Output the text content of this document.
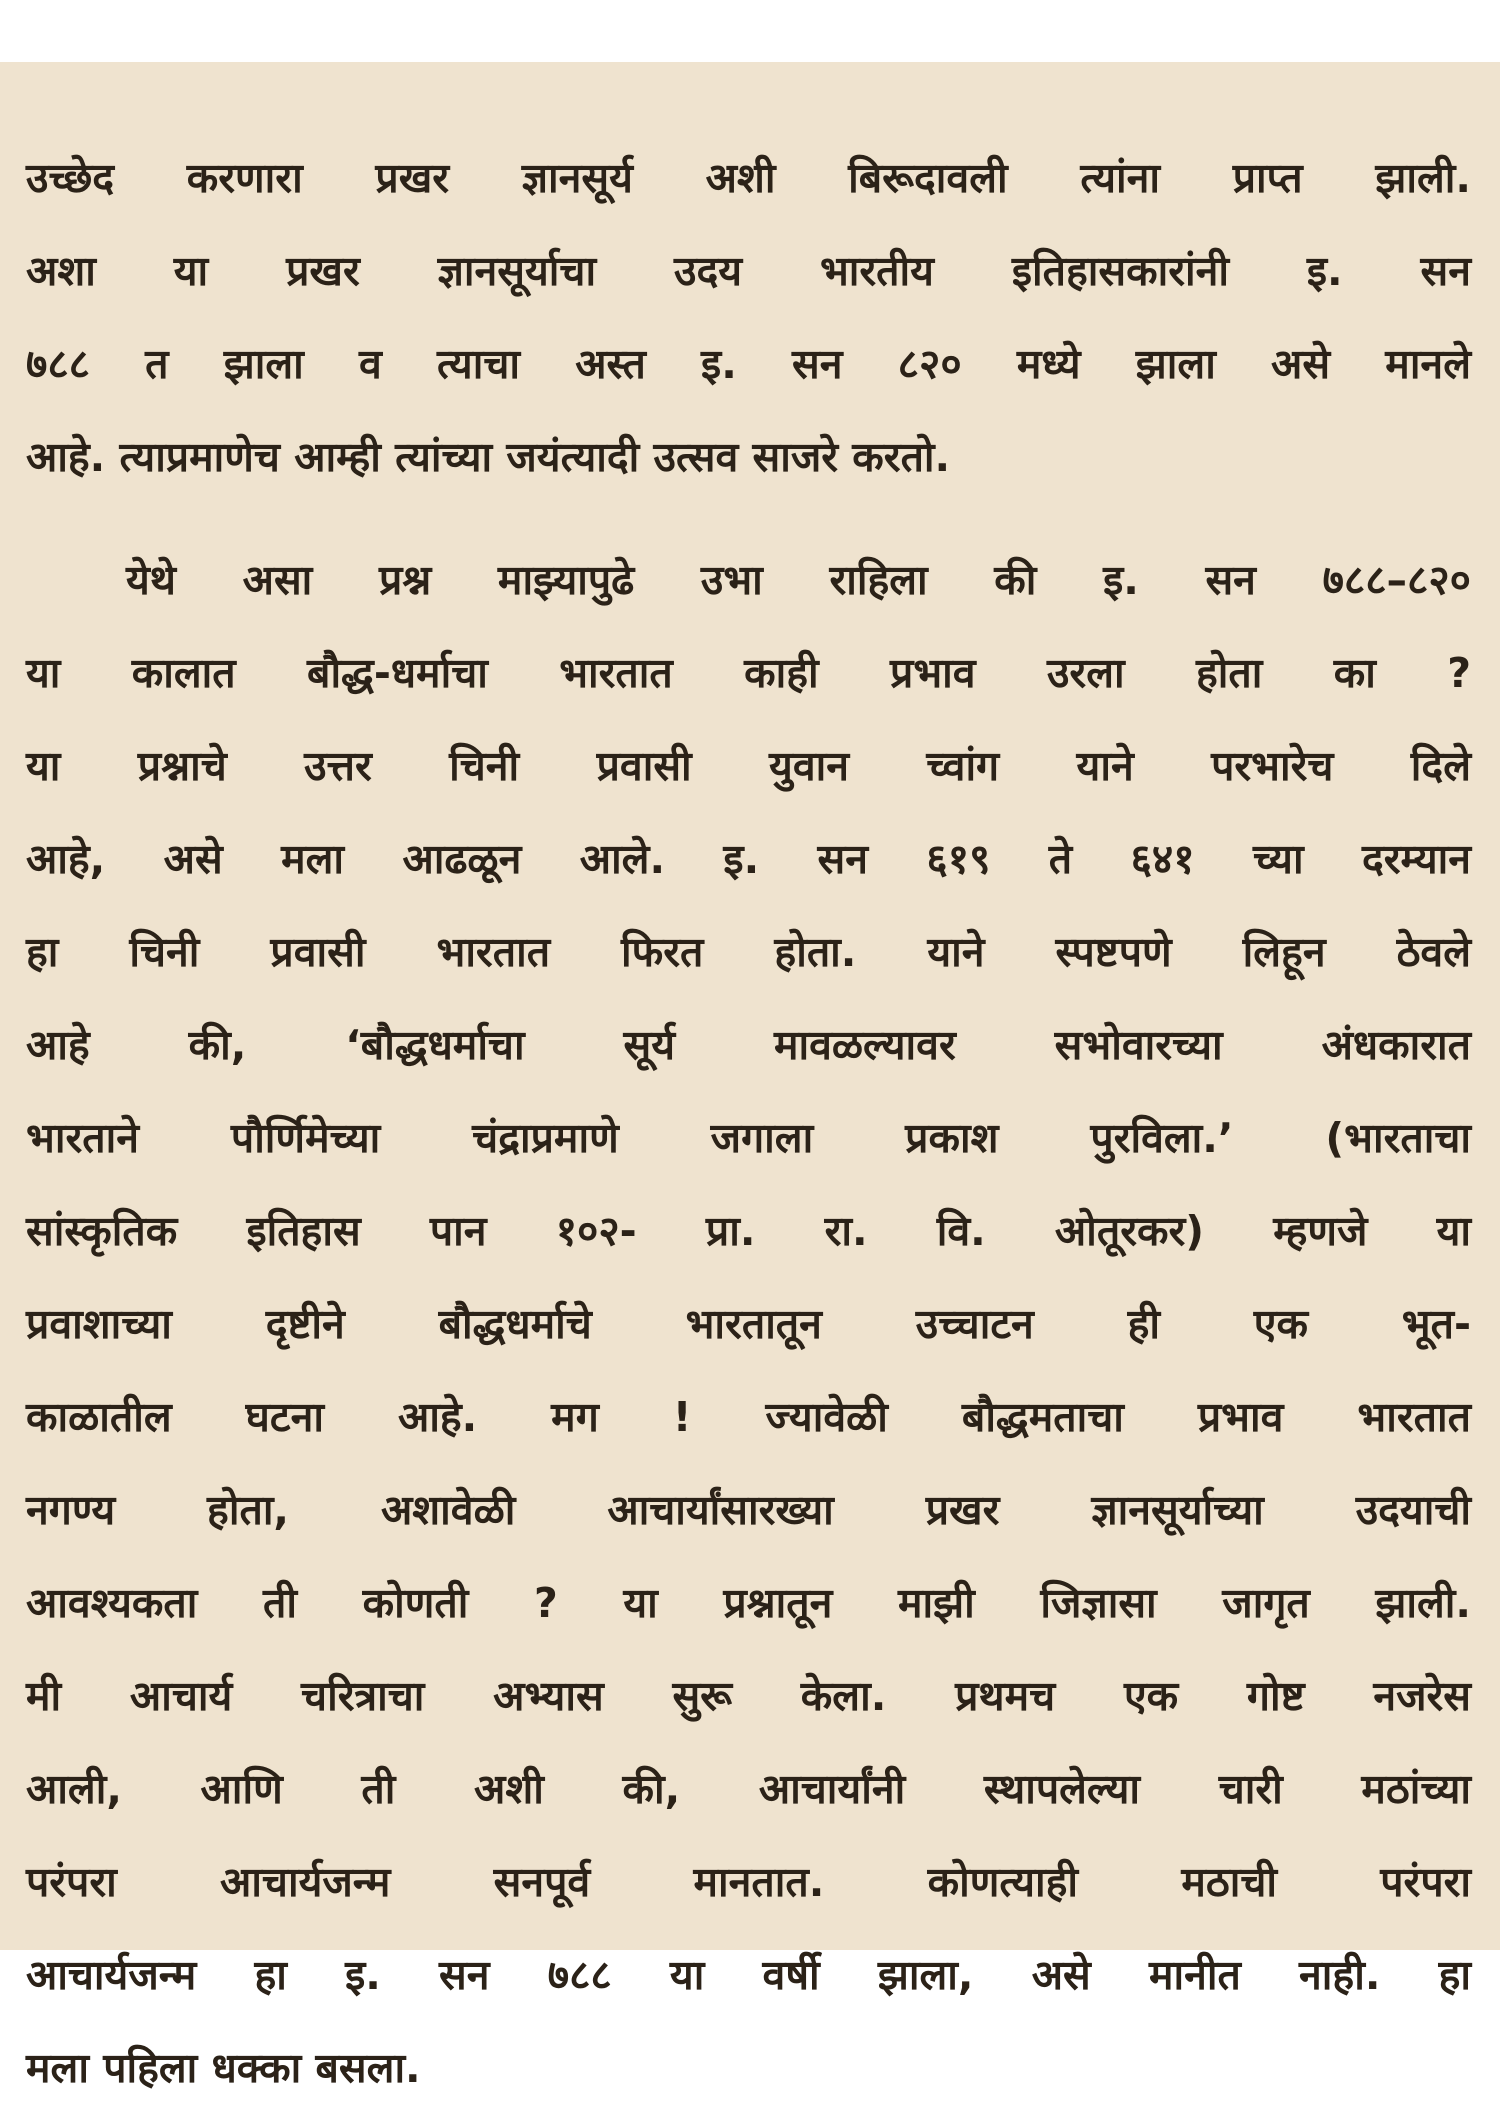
उच्छेद करणारा प्रखर ज्ञानसूर्य अशी बिरूदावली त्यांना प्राप्त झाली.
अशा या प्रखर ज्ञानसूर्याचा उदय भारतीय इतिहासकारांनी इ. सन
७८८ त झाला व त्याचा अस्त इ. सन ८२० मध्ये झाला असे मानले
आहे. त्याप्रमाणेच आम्ही त्यांच्या जयंत्यादी उत्सव साजरे करतो.
येथे असा प्रश्न माझ्यापुढे उभा राहिला की इ. सन ७८८–८२०
या कालात बौद्ध-धर्माचा भारतात काही प्रभाव उरला होता का ?
या प्रश्नाचे उत्तर चिनी प्रवासी युवान च्वांग याने परभारेच दिले
आहे, असे मला आढळून आले. इ. सन ६१९ ते ६४१ च्या दरम्यान
हा चिनी प्रवासी भारतात फिरत होता. याने स्पष्टपणे लिहून ठेवले
आहे की, ‘बौद्धधर्माचा सूर्य मावळल्यावर सभोवारच्या अंधकारात
भारताने पौर्णिमेच्या चंद्राप्रमाणे जगाला प्रकाश पुरविला.’ (भारताचा
सांस्कृतिक इतिहास पान १०२- प्रा. रा. वि. ओतूरकर) म्हणजे या
प्रवाशाच्या दृष्टीने बौद्धधर्माचे भारतातून उच्चाटन ही एक भूत-
काळातील घटना आहे. मग ! ज्यावेळी बौद्धमताचा प्रभाव भारतात
नगण्य होता, अशावेळी आचार्यांसारख्या प्रखर ज्ञानसूर्याच्या उदयाची
आवश्यकता ती कोणती ? या प्रश्नातून माझी जिज्ञासा जागृत झाली.
मी आचार्य चरित्राचा अभ्यास सुरू केला. प्रथमच एक गोष्ट नजरेस
आली, आणि ती अशी की, आचार्यांनी स्थापलेल्या चारी मठांच्या
परंपरा आचार्यजन्म सनपूर्व मानतात. कोणत्याही मठाची परंपरा
आचार्यजन्म हा इ. सन ७८८ या वर्षी झाला, असे मानीत नाही. हा
मला पहिला धक्का बसला.
